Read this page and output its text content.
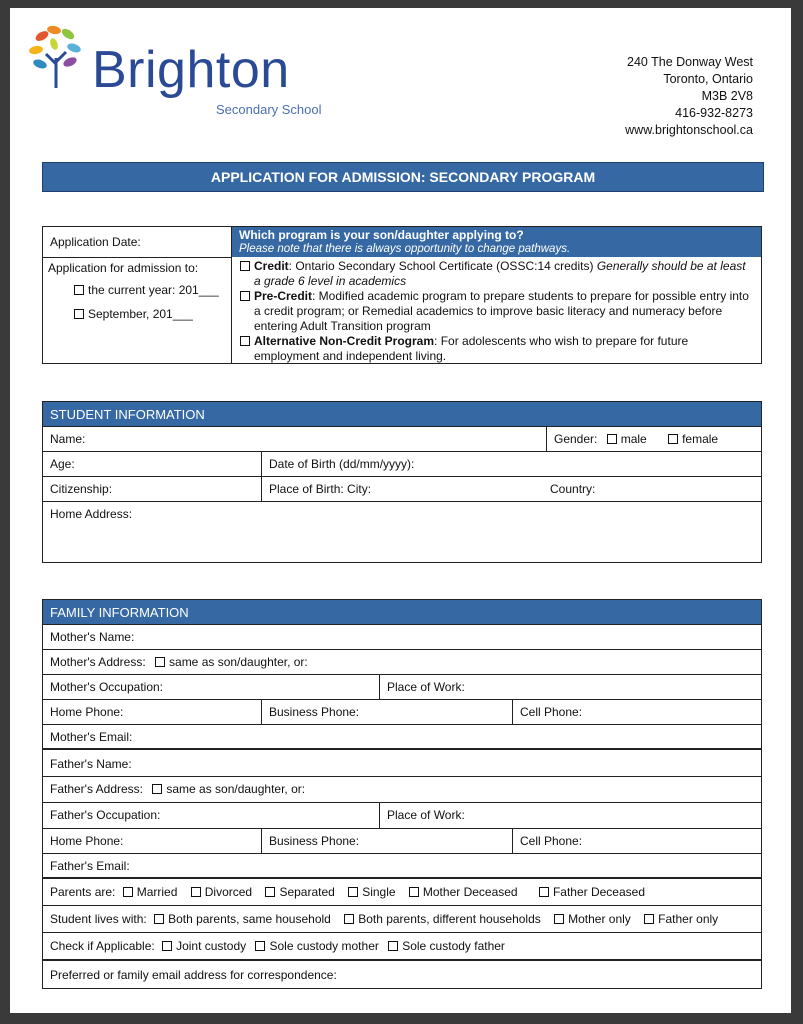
Brighton
Secondary School
240 The Donway West
Toronto, Ontario
M3B 2V8
416-932-8273
www.brightonschool.ca
APPLICATION FOR ADMISSION: SECONDARY PROGRAM
Application Date:	Which program is your son/daughter applying to?
Please note that there is always opportunity to change pathways.
Application for admission to:
the current year: 201___
September, 201___
Credit: Ontario Secondary School Certificate (OSSC:14 credits) Generally should be at least a grade 6 level in academics
Pre-Credit: Modified academic program to prepare students to prepare for possible entry into a credit program; or Remedial academics to improve basic literacy and numeracy before entering Adult Transition program
Alternative Non-Credit Program: For adolescents who wish to prepare for future employment and independent living.
STUDENT INFORMATION
Name:	Gender: male	female
Age:	Date of Birth (dd/mm/yyyy):
Citizenship:	Place of Birth: City:	Country:
Home Address:
FAMILY INFORMATION
Mother's Name:
Mother's Address: same as son/daughter, or:
Mother's Occupation:	Place of Work:
Home Phone:	Business Phone:	Cell Phone:
Mother's Email:
Father's Name:
Father's Address: same as son/daughter, or:
Father's Occupation:	Place of Work:
Home Phone:	Business Phone:	Cell Phone:
Father's Email:
Parents are: Married Divorced Separated Single Mother Deceased	Father Deceased
Student lives with: Both parents, same household Both parents, different households Mother only Father only
Check if Applicable: Joint custody Sole custody mother Sole custody father
Preferred or family email address for correspondence:
